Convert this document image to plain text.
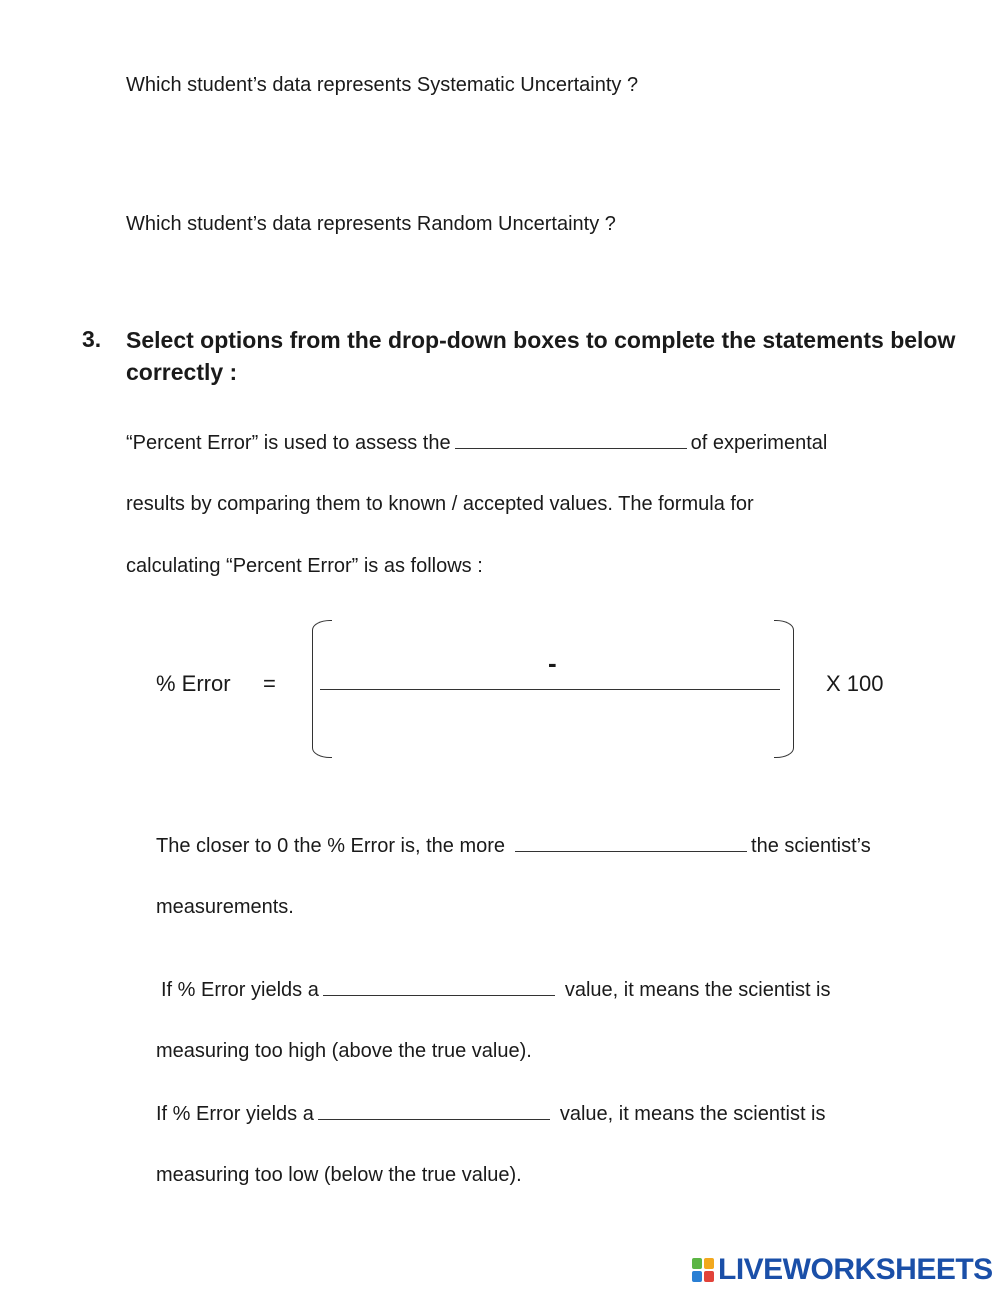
Which student’s data represents Systematic Uncertainty ?
Which student’s data represents Random Uncertainty ?
3. Select options from the drop-down boxes to complete the statements below correctly :
“Percent Error” is used to assess the	of experimental
results by comparing them to known / accepted values. The formula for
calculating “Percent Error” is as follows :
% Error =
-
X 100
The closer to 0 the % Error is, the more	the scientist’s
measurements.
If % Error yields a	value, it means the scientist is
measuring too high (above the true value).
If % Error yields a	value, it means the scientist is
measuring too low (below the true value).
LIVEWORKSHEETS
